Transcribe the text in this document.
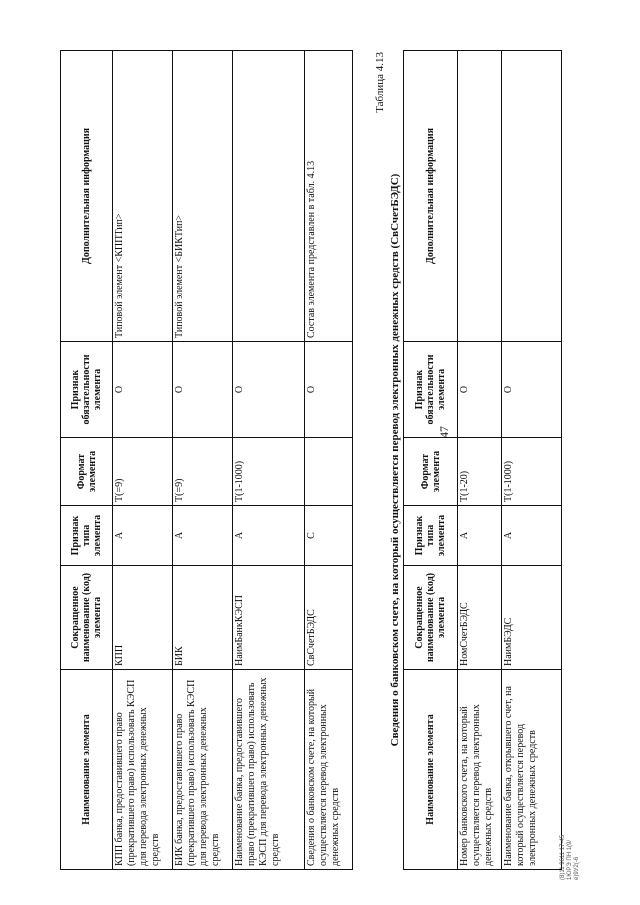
47
Наименование элемента	Сокращенное наименование (код) элемента	Признак типа элемента	Формат элемента	Признак обязательности элемента	Дополнительная информация
КПП банка, предоставившего право (прекратившего право) использовать КЭСП для перевода электронных денежных средств	КПП	А	Т(=9)	О	Типовой элемент <КППТип>
БИК банка, предоставившего право (прекратившего право) использовать КЭСП для перевода электронных денежных средств	БИК	А	Т(=9)	О	Типовой элемент <БИКТип>
Наименование банка, предоставившего право (прекратившего право) использовать КЭСП для перевода электронных денежных средств	НаимБанкКЭСП	А	Т(1-1000)	О	
Сведения о банковском счете, на который осуществляется перевод электронных денежных средств	СвСчетБЭДС	С		О	Состав элемента представлен в табл. 4.13
Таблица 4.13
Сведения о банковском счете, на который осуществляется перевод электронных денежных средств (СвСчетБЭДС)
Наименование элемента	Сокращенное наименование (код) элемента	Признак типа элемента	Формат элемента	Признак обязательности элемента	Дополнительная информация
Номер банковского счета, на который осуществляется перевод электронных денежных средств	НомСчетБЭДС	А	Т(1-20)	О	
Наименование банка, открывшего счет, на который осуществляется перевод электронных денежных средств	НаимБЭДС	А	Т(1-1000)	О	
(8)11 9611 17-45 1ЮРЭ ПН 1(9/е)9У2(-6
